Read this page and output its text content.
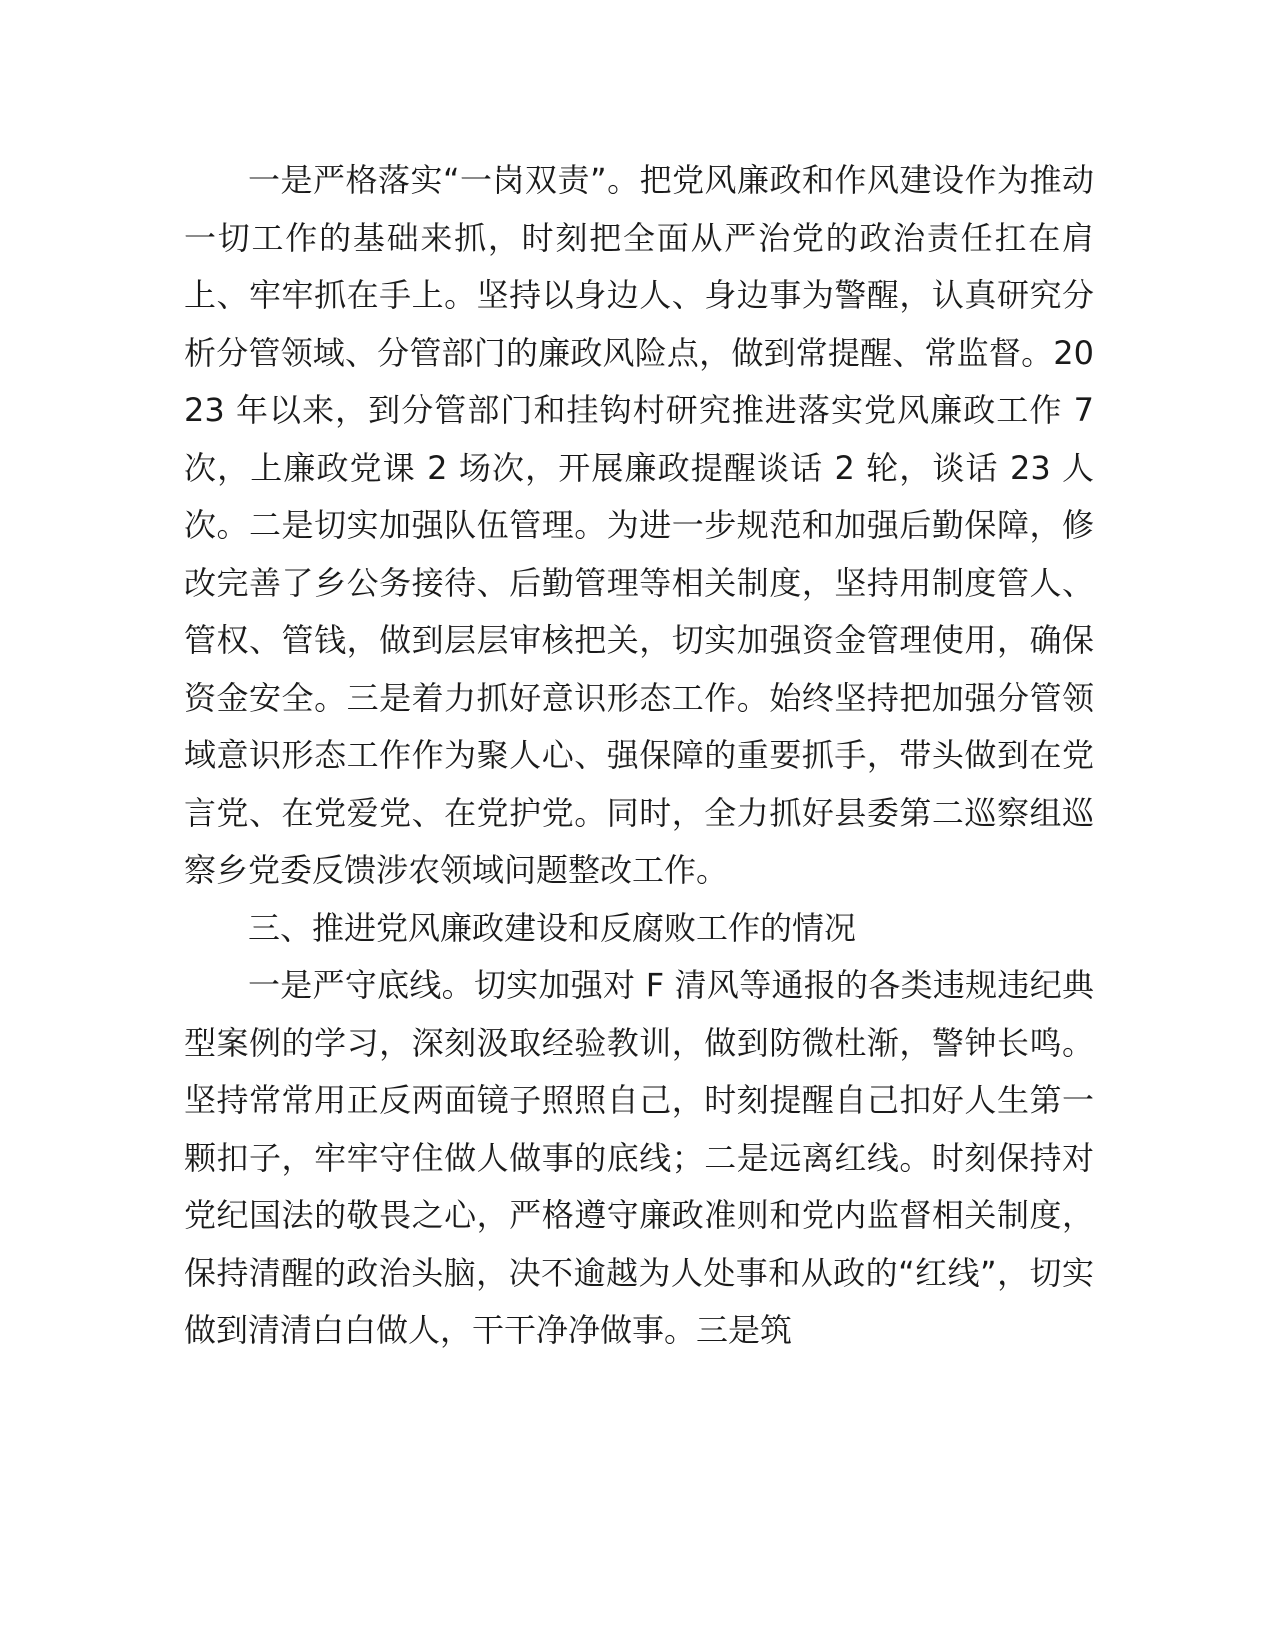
一是严格落实“一岗双责”。把党风廉政和作风建设作为推动一切工作的基础来抓，时刻把全面从严治党的政治责任扛在肩上、牢牢抓在手上。坚持以身边人、身边事为警醒，认真研究分析分管领域、分管部门的廉政风险点，做到常提醒、常监督。2023 年以来，到分管部门和挂钩村研究推进落实党风廉政工作 7 次，上廉政党课 2 场次，开展廉政提醒谈话 2 轮，谈话 23 人次。二是切实加强队伍管理。为进一步规范和加强后勤保障，修改完善了乡公务接待、后勤管理等相关制度，坚持用制度管人、管权、管钱，做到层层审核把关，切实加强资金管理使用，确保资金安全。三是着力抓好意识形态工作。始终坚持把加强分管领域意识形态工作作为聚人心、强保障的重要抓手，带头做到在党言党、在党爱党、在党护党。同时，全力抓好县委第二巡察组巡察乡党委反馈涉农领域问题整改工作。

三、推进党风廉政建设和反腐败工作的情况

一是严守底线。切实加强对 F 清风等通报的各类违规违纪典型案例的学习，深刻汲取经验教训，做到防微杜渐，警钟长鸣。坚持常常用正反两面镜子照照自己，时刻提醒自己扣好人生第一颗扣子，牢牢守住做人做事的底线；二是远离红线。时刻保持对党纪国法的敬畏之心，严格遵守廉政准则和党内监督相关制度，保持清醒的政治头脑，决不逾越为人处事和从政的“红线”，切实做到清清白白做人，干干净净做事。三是筑
